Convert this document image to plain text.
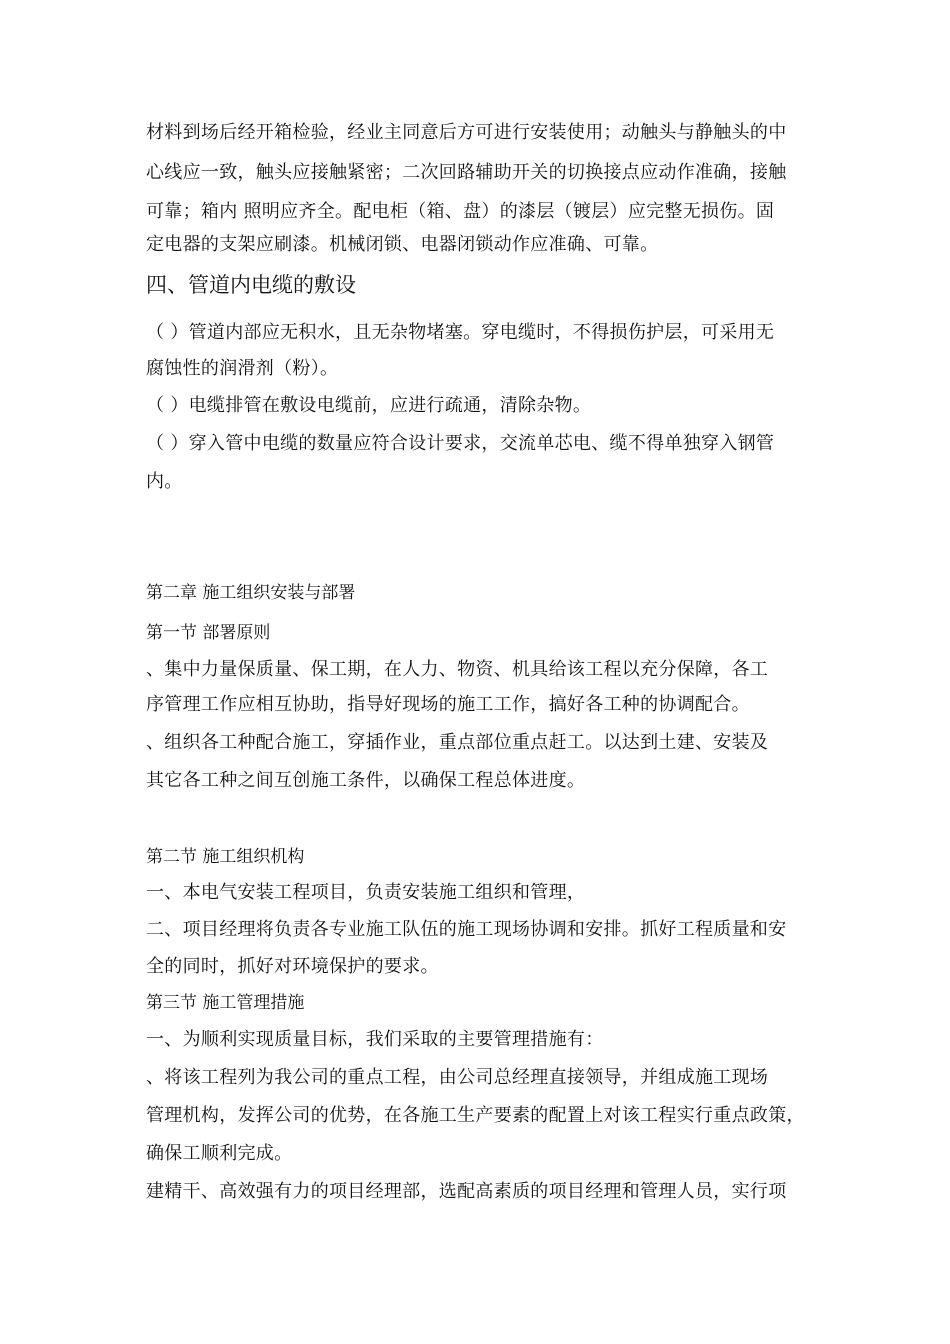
材料到场后经开箱检验，经业主同意后方可进行安装使用；动触头与静触头的中
心线应一致，触头应接触紧密；二次回路辅助开关的切换接点应动作准确，接触
可靠；箱内 照明应齐全。配电柜（箱、盘）的漆层（镀层）应完整无损伤。固
定电器的支架应刷漆。机械闭锁、电器闭锁动作应准确、可靠。
四、管道内电缆的敷设
（ ）管道内部应无积水，且无杂物堵塞。穿电缆时，不得损伤护层，可采用无
腐蚀性的润滑剂（粉）。
（ ）电缆排管在敷设电缆前，应进行疏通，清除杂物。
（ ）穿入管中电缆的数量应符合设计要求，交流单芯电、缆不得单独穿入钢管
内。
第二章 施工组织安装与部署
第一节 部署原则
、集中力量保质量、保工期，在人力、物资、机具给该工程以充分保障，各工
序管理工作应相互协助，指导好现场的施工工作，搞好各工种的协调配合。
、组织各工种配合施工，穿插作业，重点部位重点赶工。以达到土建、安装及
其它各工种之间互创施工条件，以确保工程总体进度。
第二节 施工组织机构
一、本电气安装工程项目，负责安装施工组织和管理，
二、项目经理将负责各专业施工队伍的施工现场协调和安排。抓好工程质量和安
全的同时，抓好对环境保护的要求。
第三节 施工管理措施
一、为顺利实现质量目标，我们采取的主要管理措施有：
、将该工程列为我公司的重点工程，由公司总经理直接领导，并组成施工现场
管理机构，发挥公司的优势，在各施工生产要素的配置上对该工程实行重点政策，
确保工顺利完成。
建精干、高效强有力的项目经理部，选配高素质的项目经理和管理人员，实行项
